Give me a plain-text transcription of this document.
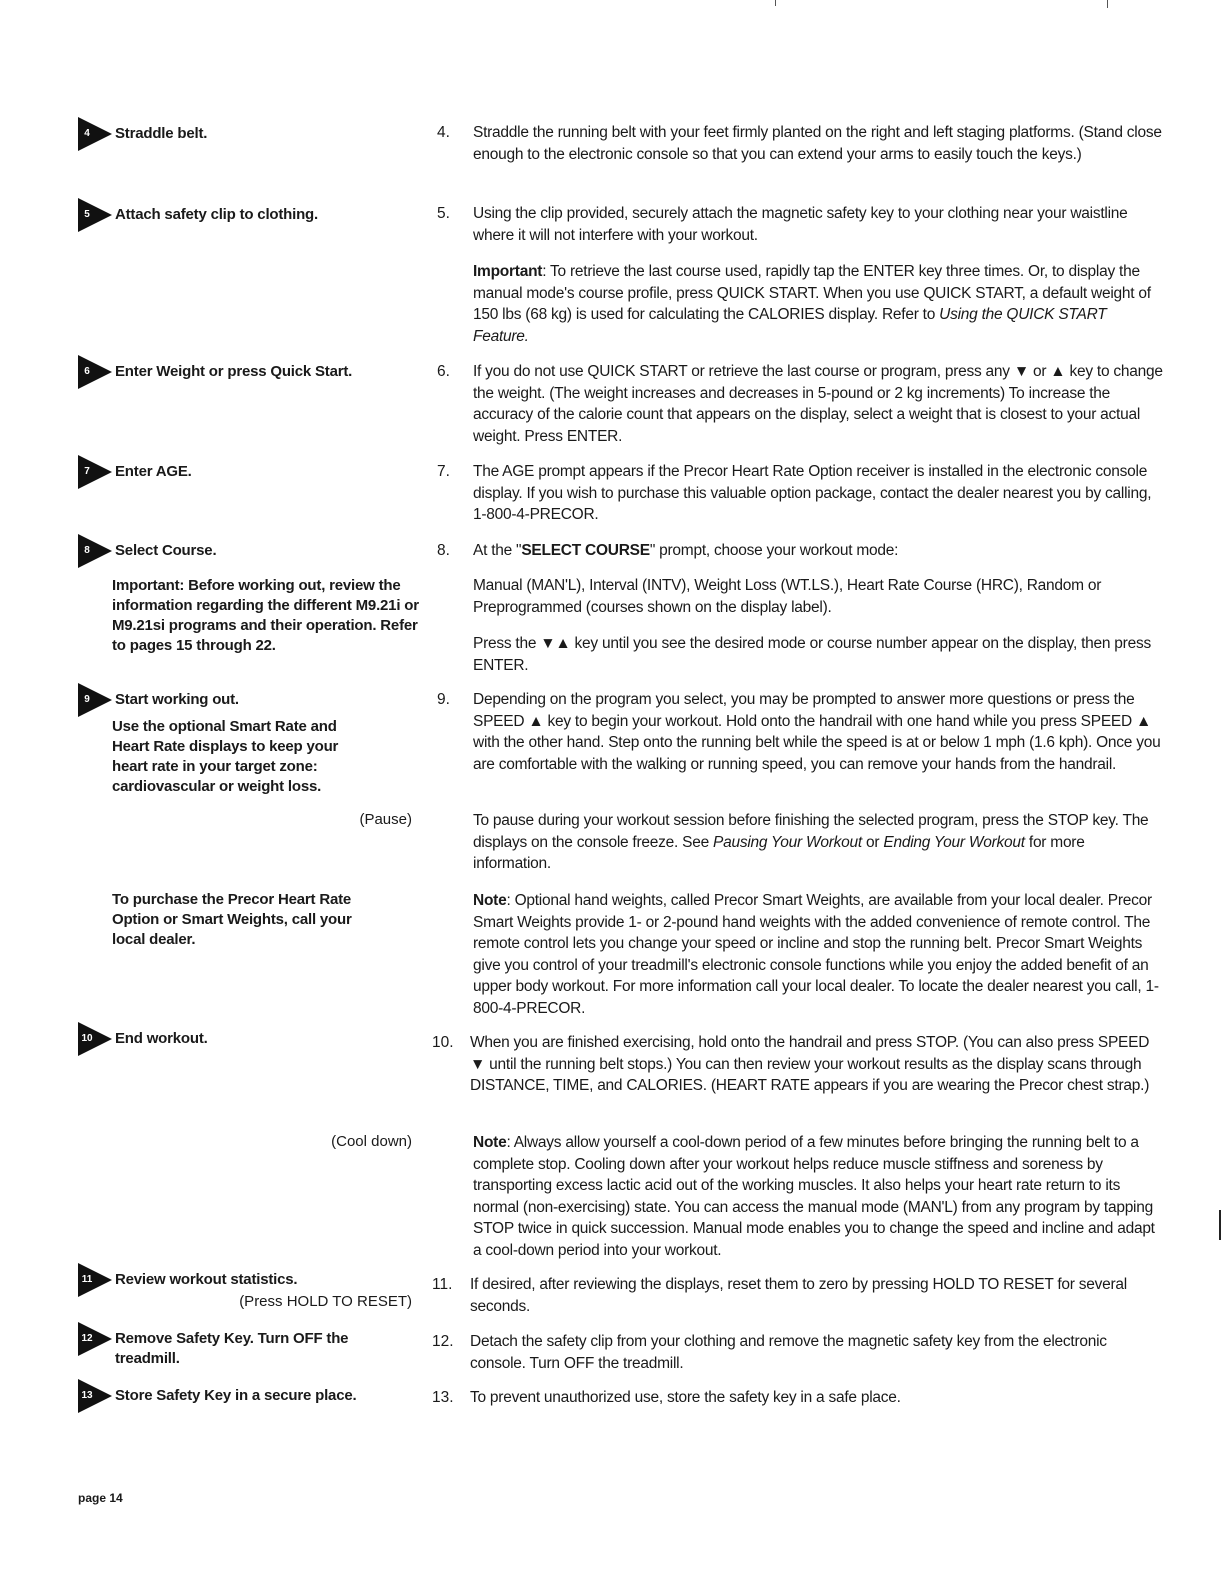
4	Straddle belt.	4.	Straddle the running belt with your feet firmly planted on the right and left staging platforms. (Stand close enough to the electronic console so that you can extend your arms to easily touch the keys.)
5	Attach safety clip to clothing.	5.	Using the clip provided, securely attach the magnetic safety key to your clothing near your waistline where it will not interfere with your workout.
Important: To retrieve the last course used, rapidly tap the ENTER key three times. Or, to display the manual mode's course profile, press QUICK START. When you use QUICK START, a default weight of 150 lbs (68 kg) is used for calculating the CALORIES display. Refer to Using the QUICK START Feature.
6	Enter Weight or press Quick Start.	6.	If you do not use QUICK START or retrieve the last course or program, press any ▼ or ▲ key to change the weight. (The weight increases and decreases in 5-pound or 2 kg increments) To increase the accuracy of the calorie count that appears on the display, select a weight that is closest to your actual weight. Press ENTER.
7	Enter AGE.	7.	The AGE prompt appears if the Precor Heart Rate Option receiver is installed in the electronic console display. If you wish to purchase this valuable option package, contact the dealer nearest you by calling, 1-800-4-PRECOR.
8	Select Course.
Important: Before working out, review the information regarding the different M9.21i or M9.21si programs and their operation. Refer to pages 15 through 22.
8.	At the "SELECT COURSE" prompt, choose your workout mode:
Manual (MAN'L), Interval (INTV), Weight Loss (WT.LS.), Heart Rate Course (HRC), Random or Preprogrammed (courses shown on the display label).
Press the ▼▲ key until you see the desired mode or course number appear on the display, then press ENTER.
9	Start working out.
Use the optional Smart Rate and Heart Rate displays to keep your heart rate in your target zone: cardiovascular or weight loss.
9.	Depending on the program you select, you may be prompted to answer more questions or press the SPEED ▲ key to begin your workout. Hold onto the handrail with one hand while you press SPEED ▲ with the other hand. Step onto the running belt while the speed is at or below 1 mph (1.6 kph). Once you are comfortable with the walking or running speed, you can remove your hands from the handrail.
(Pause)	To pause during your workout session before finishing the selected program, press the STOP key. The displays on the console freeze. See Pausing Your Workout or Ending Your Workout for more information.
To purchase the Precor Heart Rate Option or Smart Weights, call your local dealer.
Note: Optional hand weights, called Precor Smart Weights, are available from your local dealer. Precor Smart Weights provide 1- or 2-pound hand weights with the added convenience of remote control. The remote control lets you change your speed or incline and stop the running belt. Precor Smart Weights give you control of your treadmill's electronic console functions while you enjoy the added benefit of an upper body workout. For more information call your local dealer. To locate the dealer nearest you call, 1-800-4-PRECOR.
10 End workout.	10.	When you are finished exercising, hold onto the handrail and press STOP. (You can also press SPEED ▼ until the running belt stops.) You can then review your workout results as the display scans through DISTANCE, TIME, and CALORIES. (HEART RATE appears if you are wearing the Precor chest strap.)
(Cool down)	Note: Always allow yourself a cool-down period of a few minutes before bringing the running belt to a complete stop. Cooling down after your workout helps reduce muscle stiffness and soreness by transporting excess lactic acid out of the working muscles. It also helps your heart rate return to its normal (non-exercising) state. You can access the manual mode (MAN'L) from any program by tapping STOP twice in quick succession. Manual mode enables you to change the speed and incline and adapt a cool-down period into your workout.
11 Review workout statistics.
(Press HOLD TO RESET)
11.	If desired, after reviewing the displays, reset them to zero by pressing HOLD TO RESET for several seconds.
12 Remove Safety Key. Turn OFF the treadmill.
12.	Detach the safety clip from your clothing and remove the magnetic safety key from the electronic console. Turn OFF the treadmill.
13 Store Safety Key in a secure place.	13.	To prevent unauthorized use, store the safety key in a safe place.
page 14
